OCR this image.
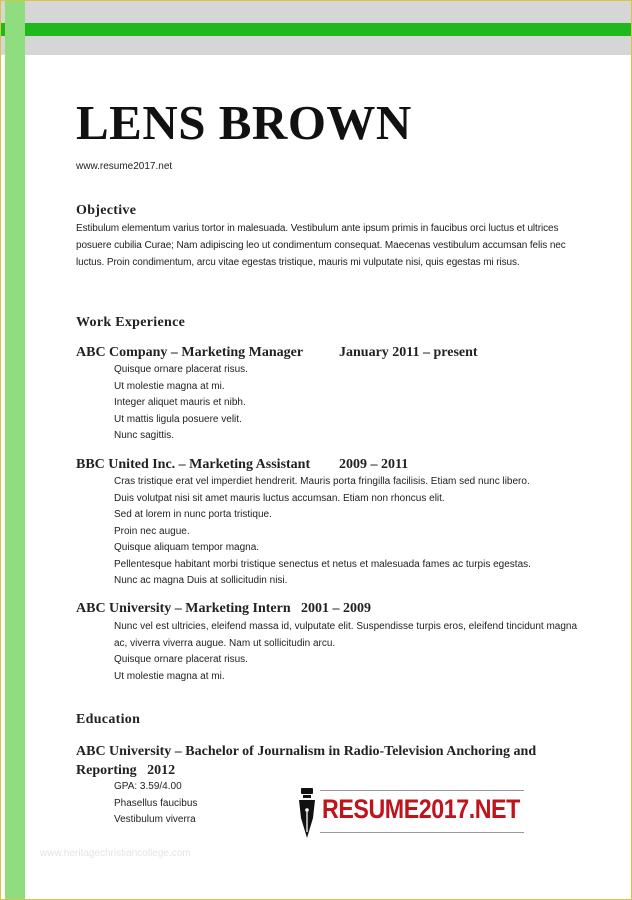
LENS BROWN
www.resume2017.net
Objective
Estibulum elementum varius tortor in malesuada. Vestibulum ante ipsum primis in faucibus orci luctus et ultrices posuere cubilia Curae; Nam adipiscing leo ut condimentum consequat. Maecenas vestibulum accumsan felis nec luctus. Proin condimentum, arcu vitae egestas tristique, mauris mi vulputate nisi, quis egestas mi risus.
Work Experience
ABC Company – Marketing Manager	January 2011 – present
Quisque ornare placerat risus.
Ut molestie magna at mi.
Integer aliquet mauris et nibh.
Ut mattis ligula posuere velit.
Nunc sagittis.
BBC United Inc. – Marketing Assistant 2009 – 2011
Cras tristique erat vel imperdiet hendrerit. Mauris porta fringilla facilisis. Etiam sed nunc libero.
Duis volutpat nisi sit amet mauris luctus accumsan. Etiam non rhoncus elit.
Sed at lorem in nunc porta tristique.
Proin nec augue.
Quisque aliquam tempor magna.
Pellentesque habitant morbi tristique senectus et netus et malesuada fames ac turpis egestas.
Nunc ac magna Duis at sollicitudin nisi.
ABC University – Marketing Intern 2001 – 2009
Nunc vel est ultricies, eleifend massa id, vulputate elit. Suspendisse turpis eros, eleifend tincidunt magna ac, viverra viverra augue. Nam ut sollicitudin arcu.
Quisque ornare placerat risus.
Ut molestie magna at mi.
Education
ABC University – Bachelor of Journalism in Radio-Television Anchoring and Reporting 2012
GPA: 3.59/4.00
Phasellus faucibus
Vestibulum viverra
www.heritagechristiancollege.com
RESUME2017.NET
